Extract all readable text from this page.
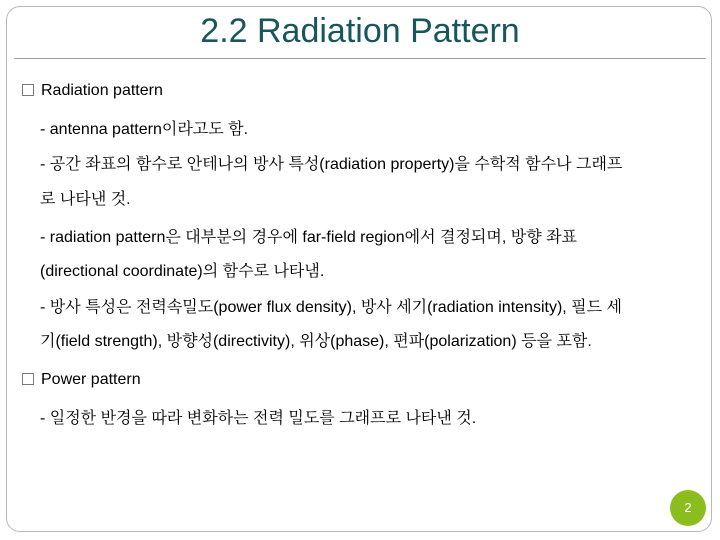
2.2 Radiation Pattern
Radiation pattern
- antenna pattern이라고도 함.
- 공간 좌표의 함수로 안테나의 방사 특성(radiation property)을 수학적 함수나 그래프
로 나타낸 것.
- radiation pattern은 대부분의 경우에 far-field region에서 결정되며, 방향 좌표
(directional coordinate)의 함수로 나타냄.
- 방사 특성은 전력속밀도(power flux density), 방사 세기(radiation intensity), 필드 세
기(field strength), 방향성(directivity), 위상(phase), 편파(polarization) 등을 포함.
Power pattern
- 일정한 반경을 따라 변화하는 전력 밀도를 그래프로 나타낸 것.
2
